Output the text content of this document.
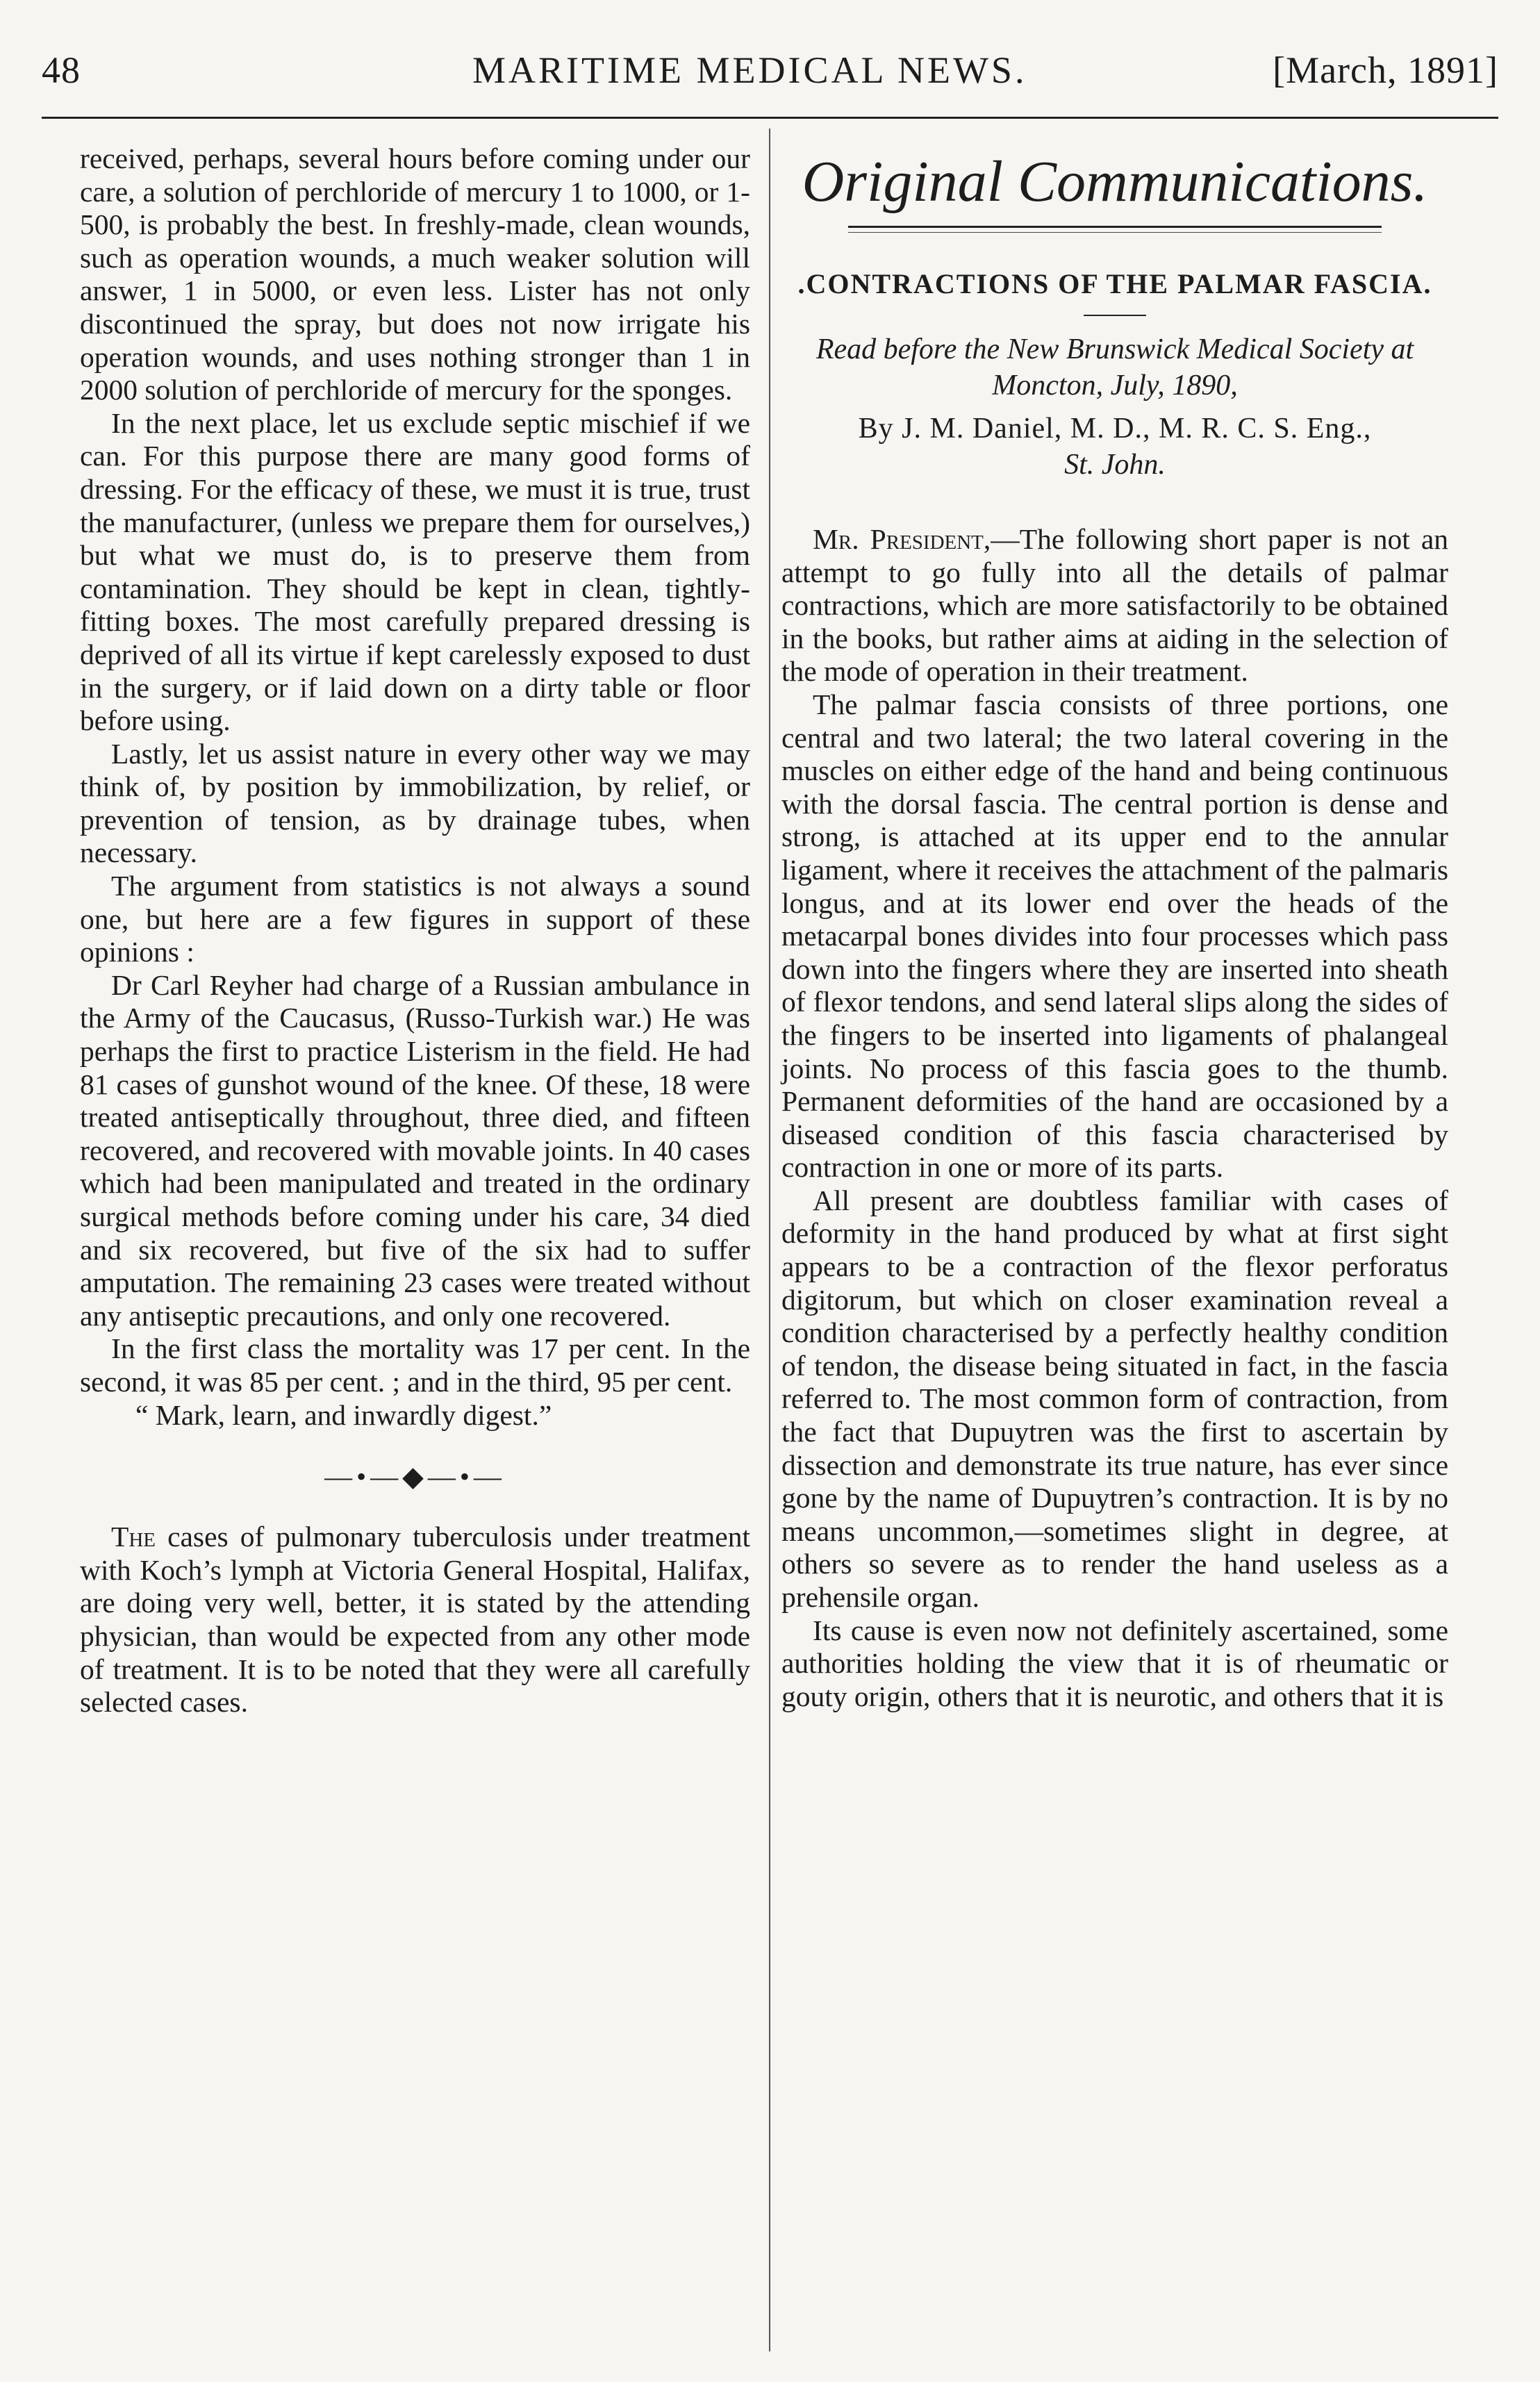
48	MARITIME MEDICAL NEWS.	[March, 1891]

received, perhaps, several hours before coming under our care, a solution of perchloride of mercury 1 to 1000, or 1-500, is probably the best. In freshly-made, clean wounds, such as operation wounds, a much weaker solution will answer, 1 in 5000, or even less. Lister has not only discontinued the spray, but does not now irrigate his operation wounds, and uses nothing stronger than 1 in 2000 solution of perchloride of mercury for the sponges.

In the next place, let us exclude septic mischief if we can. For this purpose there are many good forms of dressing. For the efficacy of these, we must it is true, trust the manufacturer, (unless we prepare them for ourselves,) but what we must do, is to preserve them from contamination. They should be kept in clean, tightly-fitting boxes. The most carefully prepared dressing is deprived of all its virtue if kept carelessly exposed to dust in the surgery, or if laid down on a dirty table or floor before using.

Lastly, let us assist nature in every other way we may think of, by position by immobilization, by relief, or prevention of tension, as by drainage tubes, when necessary.

The argument from statistics is not always a sound one, but here are a few figures in support of these opinions :

Dr Carl Reyher had charge of a Russian ambulance in the Army of the Caucasus, (Russo-Turkish war.) He was perhaps the first to practice Listerism in the field. He had 81 cases of gunshot wound of the knee. Of these, 18 were treated antiseptically throughout, three died, and fifteen recovered, and recovered with movable joints. In 40 cases which had been manipulated and treated in the ordinary surgical methods before coming under his care, 34 died and six recovered, but five of the six had to suffer amputation. The remaining 23 cases were treated without any antiseptic precautions, and only one recovered.

In the first class the mortality was 17 per cent. In the second, it was 85 per cent. ; and in the third, 95 per cent.

“ Mark, learn, and inwardly digest.”

—•—◆—•—

The cases of pulmonary tuberculosis under treatment with Koch’s lymph at Victoria General Hospital, Halifax, are doing very well, better, it is stated by the attending physician, than would be expected from any other mode of treatment. It is to be noted that they were all carefully selected cases.

Original Communications.
.CONTRACTIONS OF THE PALMAR FASCIA.
Read before the New Brunswick Medical Society at Moncton, July, 1890,
By J. M. Daniel, M. D., M. R. C. S. Eng.,
St. John.

Mr. President,—The following short paper is not an attempt to go fully into all the details of palmar contractions, which are more satisfactorily to be obtained in the books, but rather aims at aiding in the selection of the mode of operation in their treatment.

The palmar fascia consists of three portions, one central and two lateral; the two lateral covering in the muscles on either edge of the hand and being continuous with the dorsal fascia. The central portion is dense and strong, is attached at its upper end to the annular ligament, where it receives the attachment of the palmaris longus, and at its lower end over the heads of the metacarpal bones divides into four processes which pass down into the fingers where they are inserted into sheath of flexor tendons, and send lateral slips along the sides of the fingers to be inserted into ligaments of phalangeal joints. No process of this fascia goes to the thumb. Permanent deformities of the hand are occasioned by a diseased condition of this fascia characterised by contraction in one or more of its parts.

All present are doubtless familiar with cases of deformity in the hand produced by what at first sight appears to be a contraction of the flexor perforatus digitorum, but which on closer examination reveal a condition characterised by a perfectly healthy condition of tendon, the disease being situated in fact, in the fascia referred to. The most common form of contraction, from the fact that Dupuytren was the first to ascertain by dissection and demonstrate its true nature, has ever since gone by the name of Dupuytren’s contraction. It is by no means uncommon,—sometimes slight in degree, at others so severe as to render the hand useless as a prehensile organ.

Its cause is even now not definitely ascertained, some authorities holding the view that it is of rheumatic or gouty origin, others that it is neurotic, and others that it is
